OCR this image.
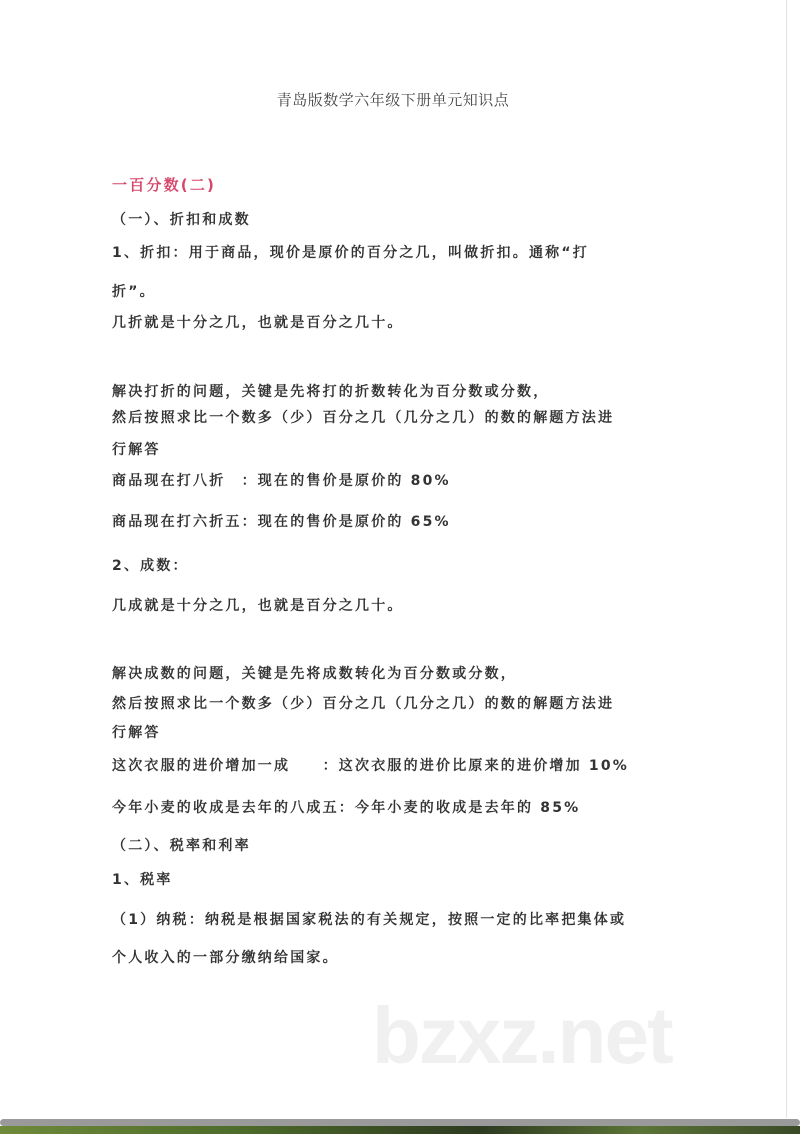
青岛版数学六年级下册单元知识点
一百分数(二)
（一）、折扣和成数
1、折扣：用于商品，现价是原价的百分之几，叫做折扣。通称“打
折”。
几折就是十分之几，也就是百分之几十。
解决打折的问题，关键是先将打的折数转化为百分数或分数，
然后按照求比一个数多（少）百分之几（几分之几）的数的解题方法进
行解答
商品现在打八折　：现在的售价是原价的 80%
商品现在打六折五：现在的售价是原价的 65%
2、成数：
几成就是十分之几，也就是百分之几十。
解决成数的问题，关键是先将成数转化为百分数或分数，
然后按照求比一个数多（少）百分之几（几分之几）的数的解题方法进
行解答
这次衣服的进价增加一成　　：这次衣服的进价比原来的进价增加 10%
今年小麦的收成是去年的八成五：今年小麦的收成是去年的 85%
（二）、税率和利率
1、税率
（1）纳税：纳税是根据国家税法的有关规定，按照一定的比率把集体或
个人收入的一部分缴纳给国家。
bzxz.net
